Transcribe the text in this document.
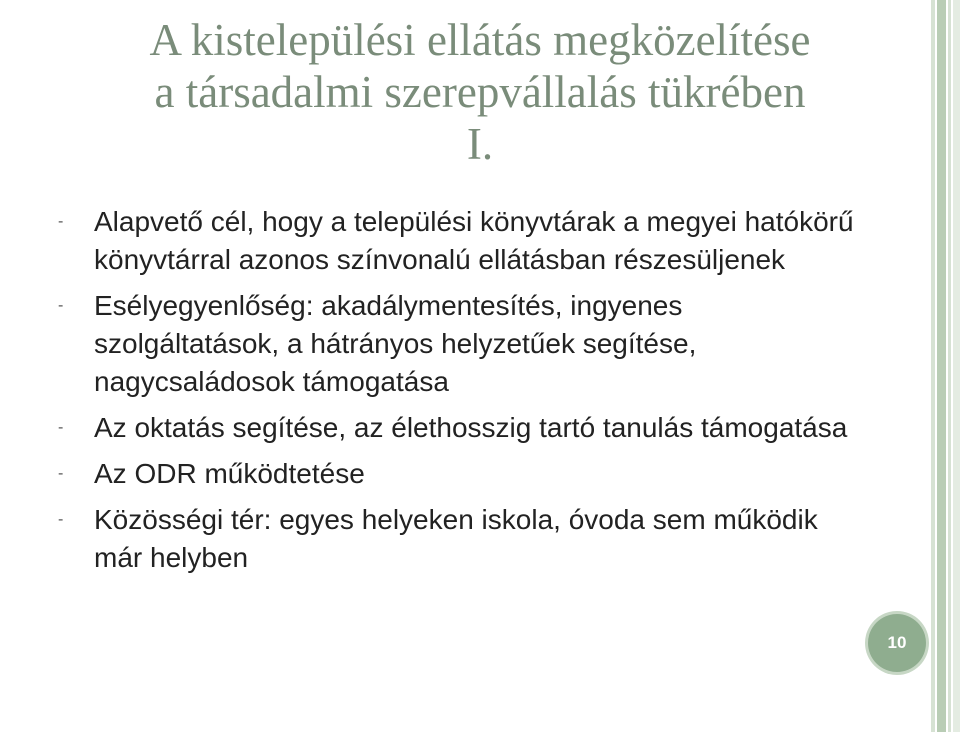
A kistelepülési ellátás megközelítése
a társadalmi szerepvállalás tükrében
I.
-	Alapvető cél, hogy a települési könyvtárak a megyei hatókörű könyvtárral azonos színvonalú ellátásban részesüljenek
-	Esélyegyenlőség: akadálymentesítés, ingyenes szolgáltatások, a hátrányos helyzetűek segítése, nagycsaládosok támogatása
-	Az oktatás segítése, az élethosszig tartó tanulás támogatása
-	Az ODR működtetése
-	Közösségi tér: egyes helyeken iskola, óvoda sem működik már helyben
10
